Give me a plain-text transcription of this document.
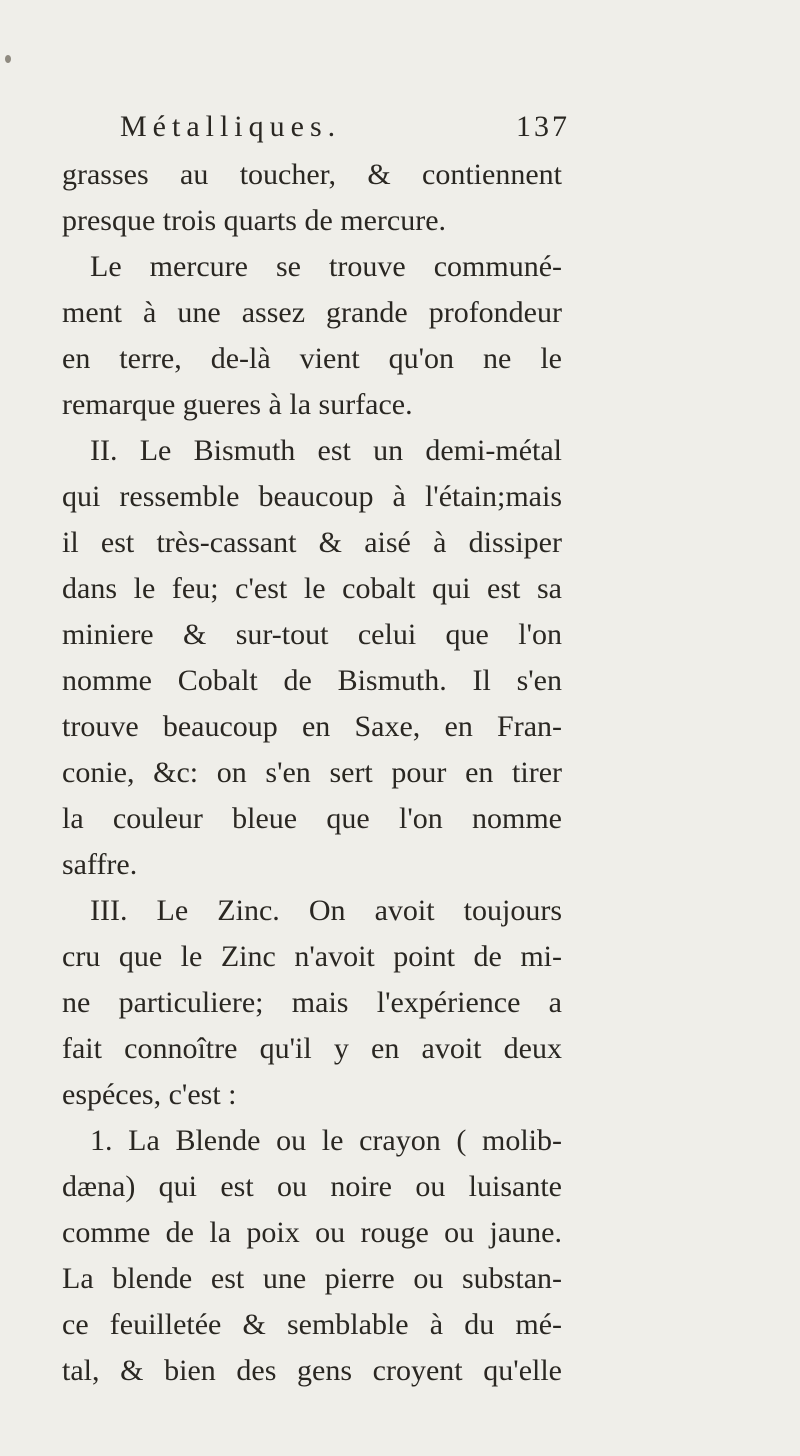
Métalliques.	137
grasses au toucher, & contiennent
presque trois quarts de mercure.
Le mercure se trouve communé-
ment à une assez grande profondeur
en terre, de-là vient qu'on ne le
remarque gueres à la surface.
II. Le Bismuth est un demi-métal
qui ressemble beaucoup à l'étain;mais
il est très-cassant & aisé à dissiper
dans le feu; c'est le cobalt qui est sa
miniere & sur-tout celui que l'on
nomme Cobalt de Bismuth. Il s'en
trouve beaucoup en Saxe, en Fran-
conie, &c: on s'en sert pour en tirer
la couleur bleue que l'on nomme
saffre.
III. Le Zinc. On avoit toujours
cru que le Zinc n'avoit point de mi-
ne particuliere; mais l'expérience a
fait connoître qu'il y en avoit deux
espéces, c'est :
1. La Blende ou le crayon ( molib-
dæna) qui est ou noire ou luisante
comme de la poix ou rouge ou jaune.
La blende est une pierre ou substan-
ce feuilletée & semblable à du mé-
tal, & bien des gens croyent qu'elle
